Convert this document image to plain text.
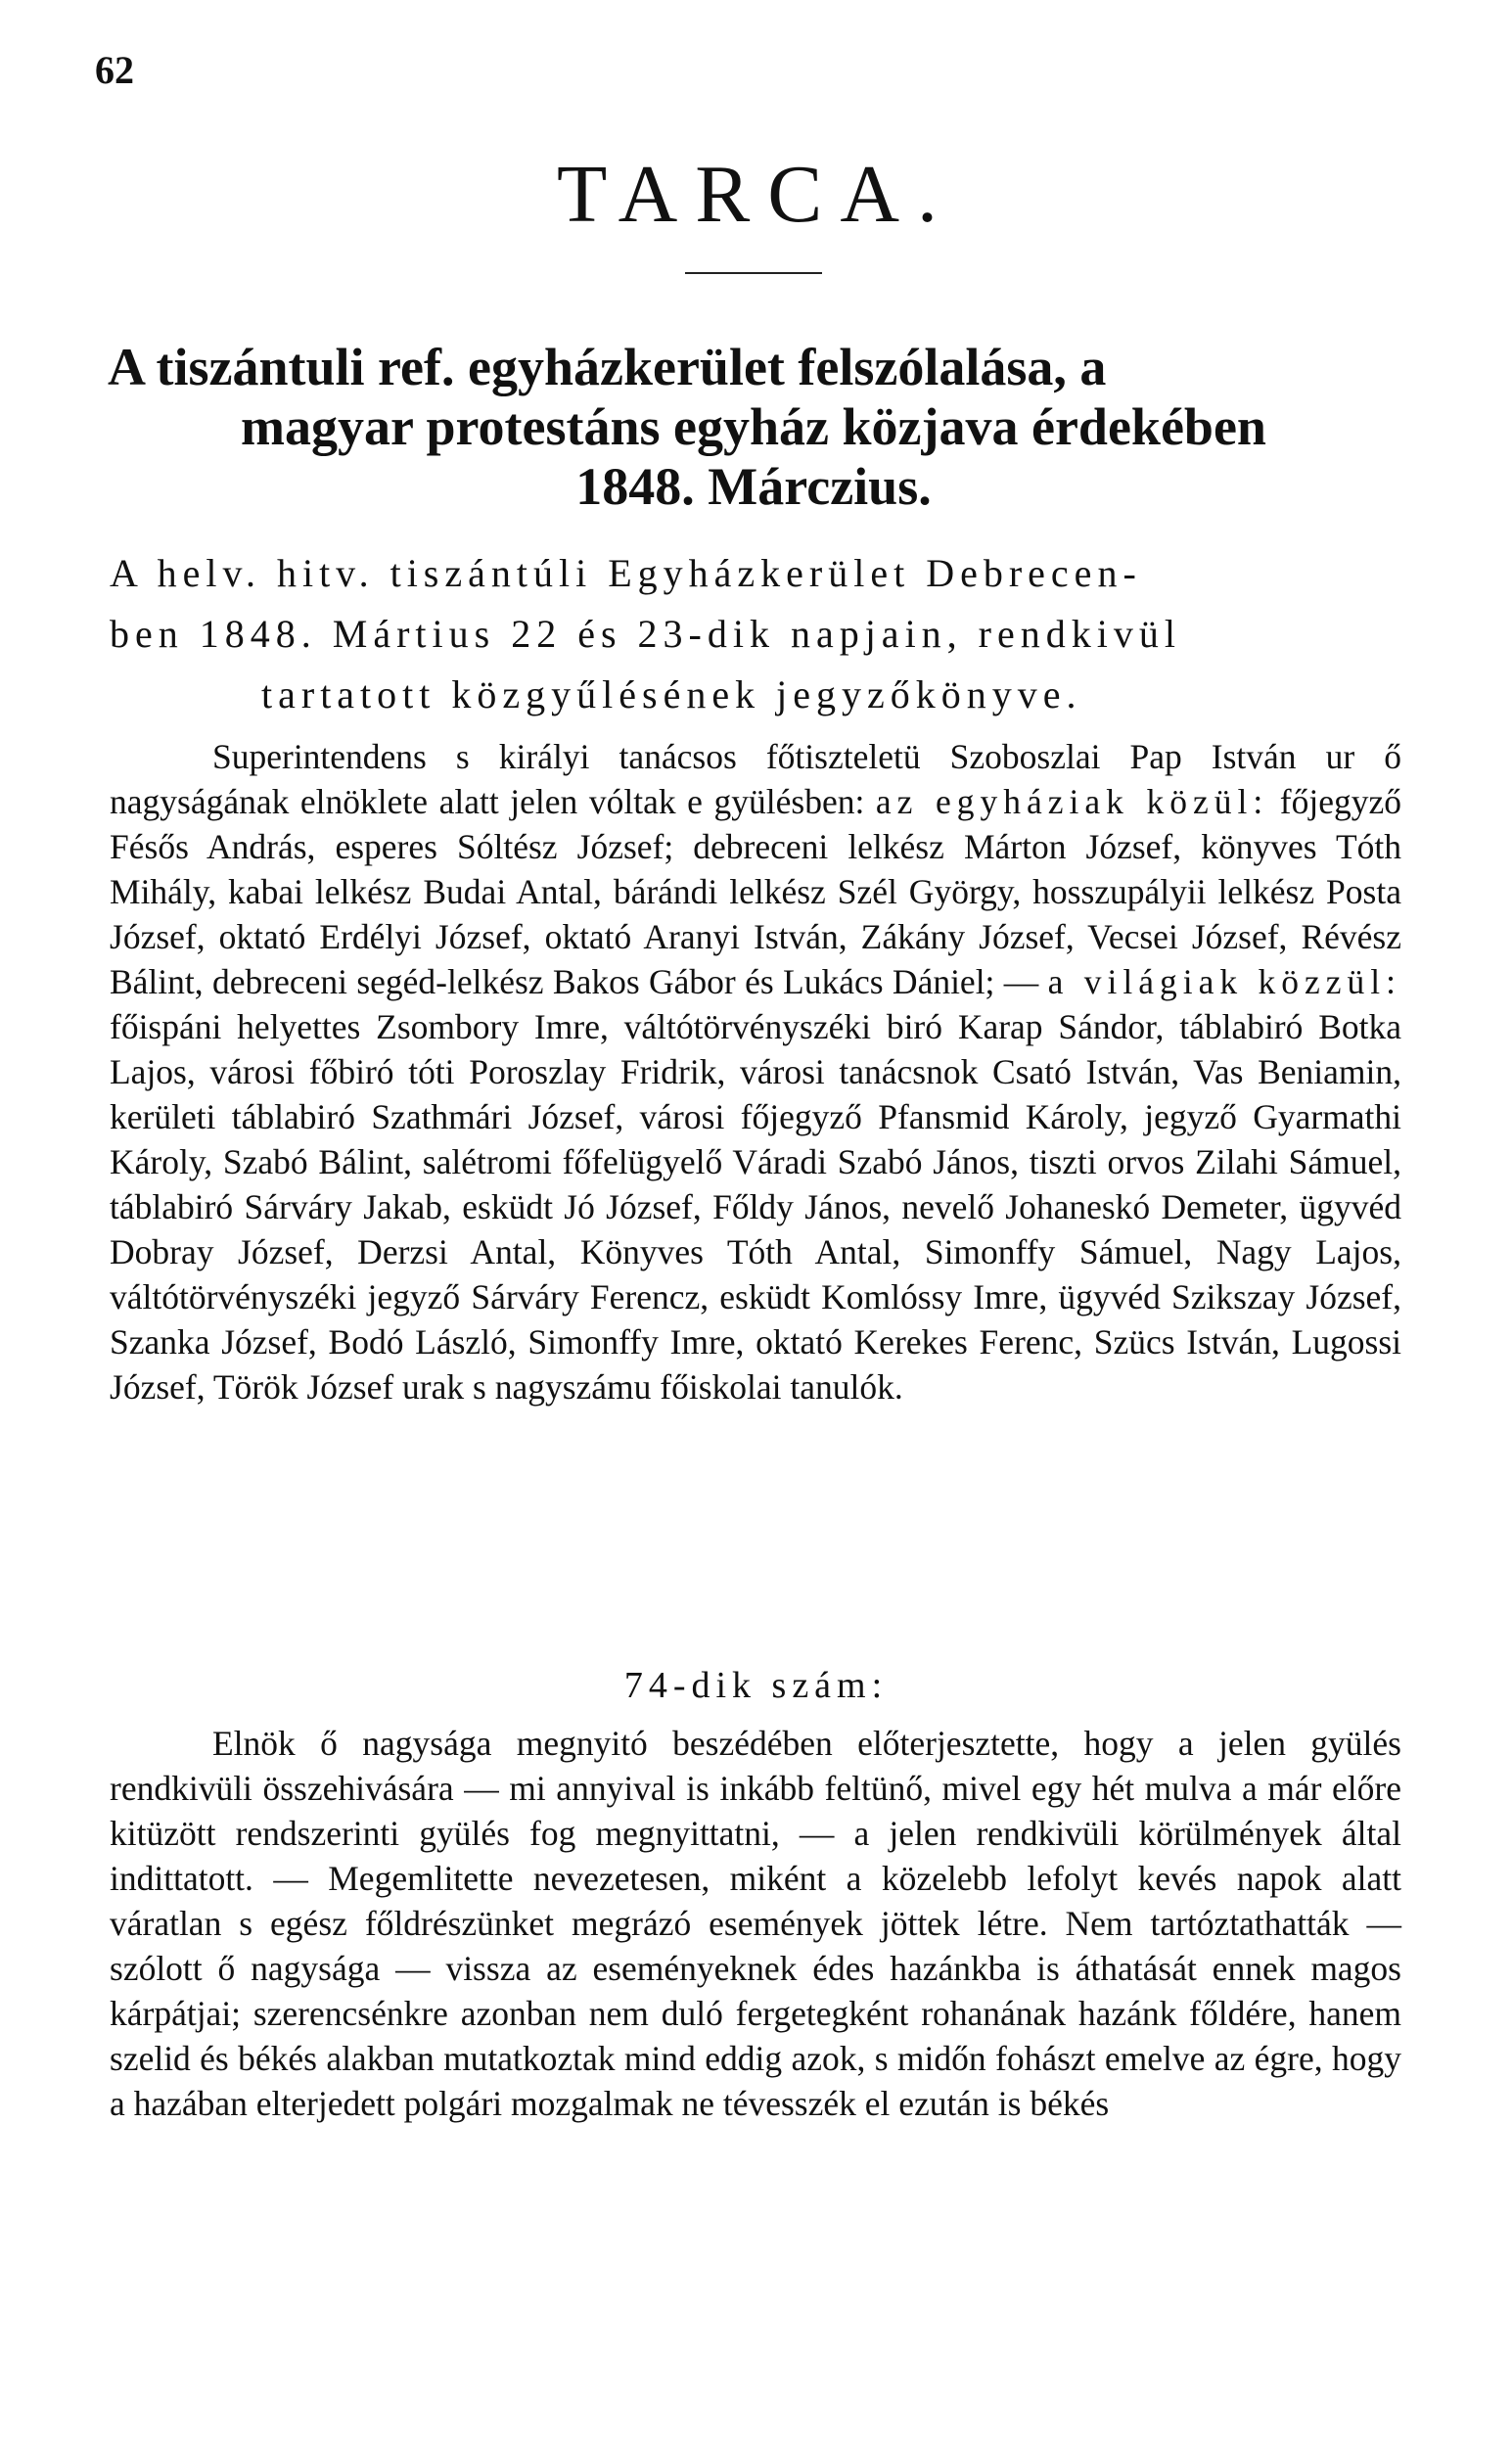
62
TARCA.
A tiszántuli ref. egyházkerület felszólalása, a
magyar protestáns egyház közjava érdekében
1848. Márczius.
A helv. hitv. tiszántúli Egyházkerület Debrecen-
ben 1848. Mártius 22 és 23-dik napjain, rendkivül
tartatott közgyűlésének jegyzőkönyve.

Superintendens s királyi tanácsos főtiszteletü Szoboszlai Pap István ur ő nagyságának elnöklete alatt jelen vóltak e gyülésben: az egyháziak közül: főjegyző Fésős András, esperes Sóltész József; debreceni lelkész Márton József, könyves Tóth Mihály, kabai lelkész Budai Antal, bárándi lelkész Szél György, hosszupályii lelkész Posta József, oktató Erdélyi József, oktató Aranyi István, Zákány József, Vecsei József, Révész Bálint, debreceni segéd-lelkész Bakos Gábor és Lukács Dániel; — a világiak közzül: főispáni helyettes Zsombory Imre, váltótörvényszéki biró Karap Sándor, táblabiró Botka Lajos, városi főbiró tóti Poroszlay Fridrik, városi tanácsnok Csató István, Vas Beniamin, kerületi táblabiró Szathmári József, városi főjegyző Pfansmid Károly, jegyző Gyarmathi Károly, Szabó Bálint, salétromi főfelügyelő Váradi Szabó János, tiszti orvos Zilahi Sámuel, táblabiró Sárváry Jakab, esküdt Jó József, Főldy János, nevelő Johaneskó Demeter, ügyvéd Dobray József, Derzsi Antal, Könyves Tóth Antal, Simonffy Sámuel, Nagy Lajos, váltótörvényszéki jegyző Sárváry Ferencz, esküdt Komlóssy Imre, ügyvéd Szikszay József, Szanka József, Bodó László, Simonffy Imre, oktató Kerekes Ferenc, Szücs István, Lugossi József, Török József urak s nagyszámu főiskolai tanulók.

74-dik szám:

Elnök ő nagysága megnyitó beszédében előterjesztette, hogy a jelen gyülés rendkivüli összehivására — mi annyival is inkább feltünő, mivel egy hét mulva a már előre kitüzött rendszerinti gyülés fog megnyittatni, — a jelen rendkivüli körülmények által indittatott. — Megemlitette nevezetesen, miként a közelebb lefolyt kevés napok alatt váratlan s egész főldrészünket megrázó események jöttek létre. Nem tartóztathatták — szólott ő nagysága — vissza az eseményeknek édes hazánkba is áthatását ennek magos kárpátjai; szerencsénkre azonban nem duló fergetegként rohanának hazánk főldére, hanem szelid és békés alakban mutatkoztak mind eddig azok, s midőn fohászt emelve az égre, hogy a hazában elterjedett polgári mozgalmak ne tévesszék el ezután is békés
